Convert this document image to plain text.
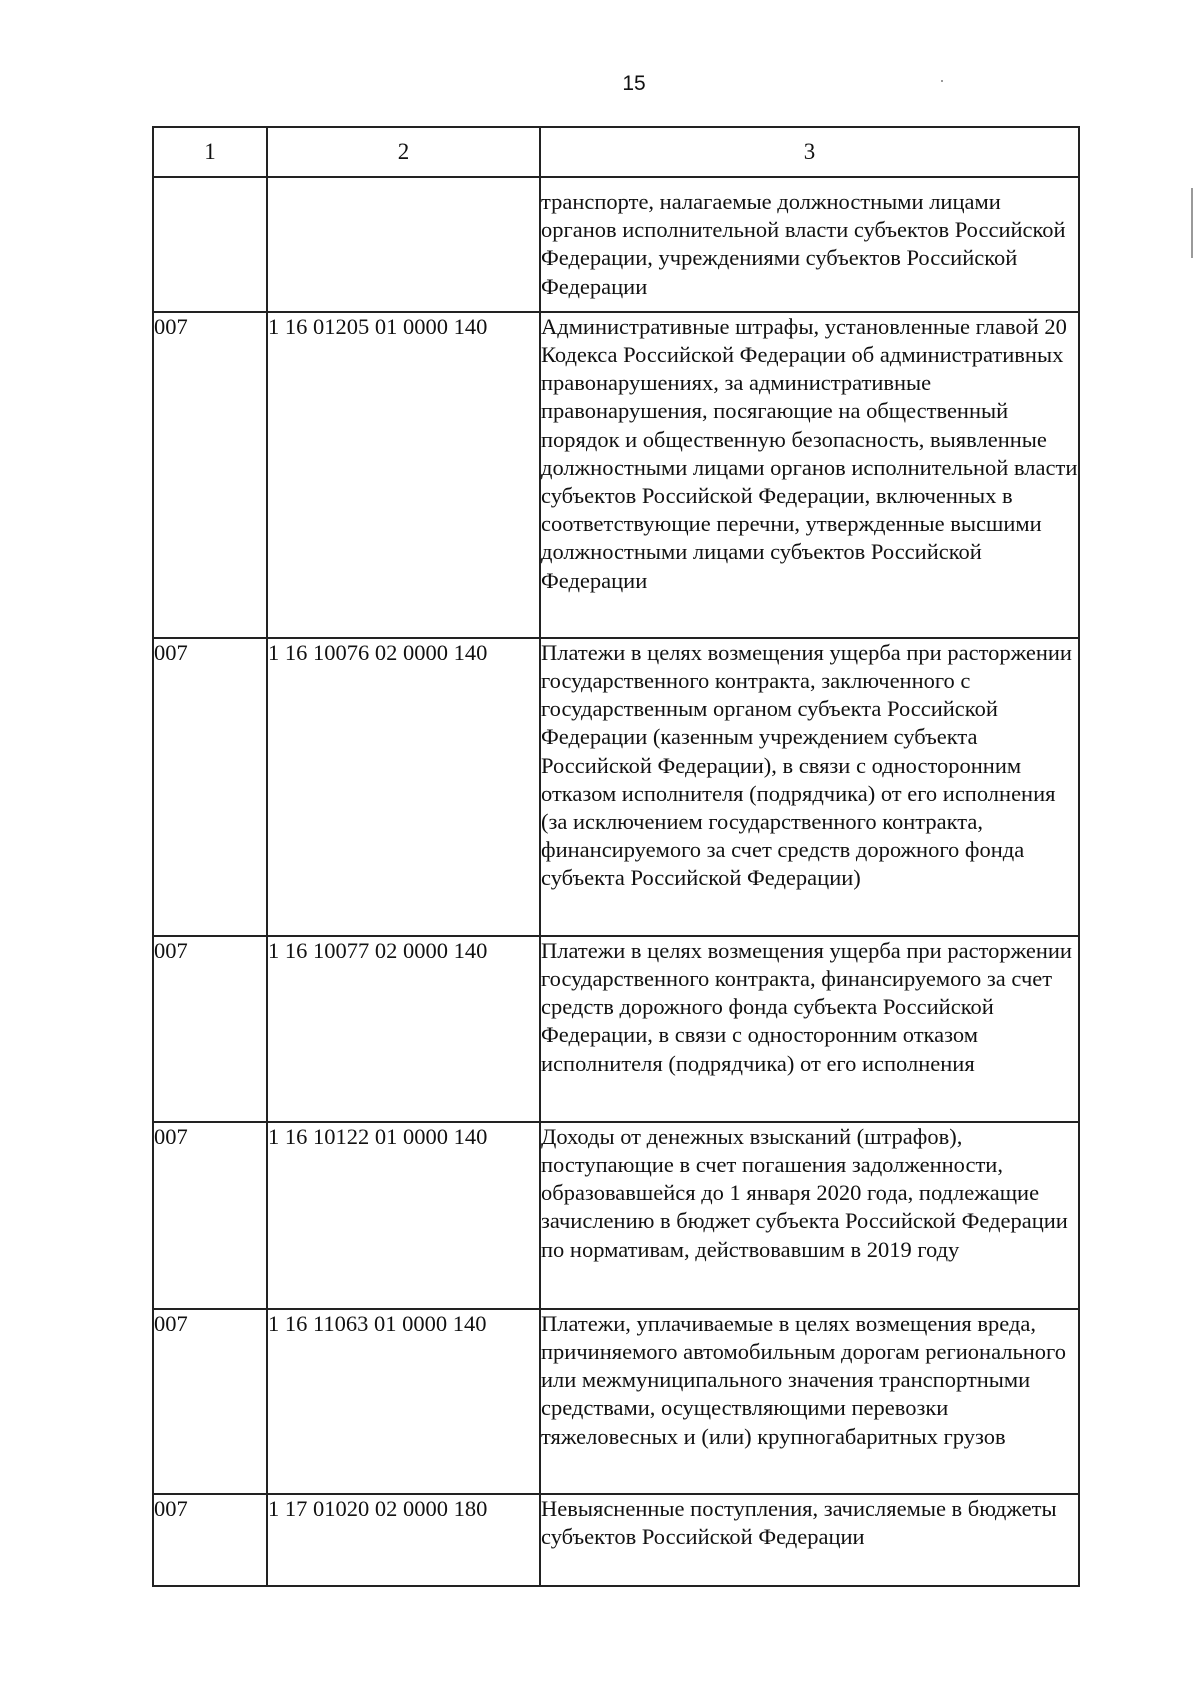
15
1	2	3
		транспорте, налагаемые должностными лицами органов исполнительной власти субъектов Российской Федерации, учреждениями субъектов Российской Федерации
007	1 16 01205 01 0000 140	Административные штрафы, установленные главой 20 Кодекса Российской Федерации об административных правонарушениях, за административные правонарушения, посягающие на общественный порядок и общественную безопасность, выявленные должностными лицами органов исполнительной власти субъектов Российской Федерации, включенных в соответствующие перечни, утвержденные высшими должностными лицами субъектов Российской Федерации
007	1 16 10076 02 0000 140	Платежи в целях возмещения ущерба при расторжении государственного контракта, заключенного с государственным органом субъекта Российской Федерации (казенным учреждением субъекта Российской Федерации), в связи с односторонним отказом исполнителя (подрядчика) от его исполнения (за исключением государственного контракта, финансируемого за счет средств дорожного фонда субъекта Российской Федерации)
007	1 16 10077 02 0000 140	Платежи в целях возмещения ущерба при расторжении государственного контракта, финансируемого за счет средств дорожного фонда субъекта Российской Федерации, в связи с односторонним отказом исполнителя (подрядчика) от его исполнения
007	1 16 10122 01 0000 140	Доходы от денежных взысканий (штрафов), поступающие в счет погашения задолженности, образовавшейся до 1 января 2020 года, подлежащие зачислению в бюджет субъекта Российской Федерации по нормативам, действовавшим в 2019 году
007	1 16 11063 01 0000 140	Платежи, уплачиваемые в целях возмещения вреда, причиняемого автомобильным дорогам регионального или межмуниципального значения транспортными средствами, осуществляющими перевозки тяжеловесных и (или) крупногабаритных грузов
007	1 17 01020 02 0000 180	Невыясненные поступления, зачисляемые в бюджеты субъектов Российской Федерации
